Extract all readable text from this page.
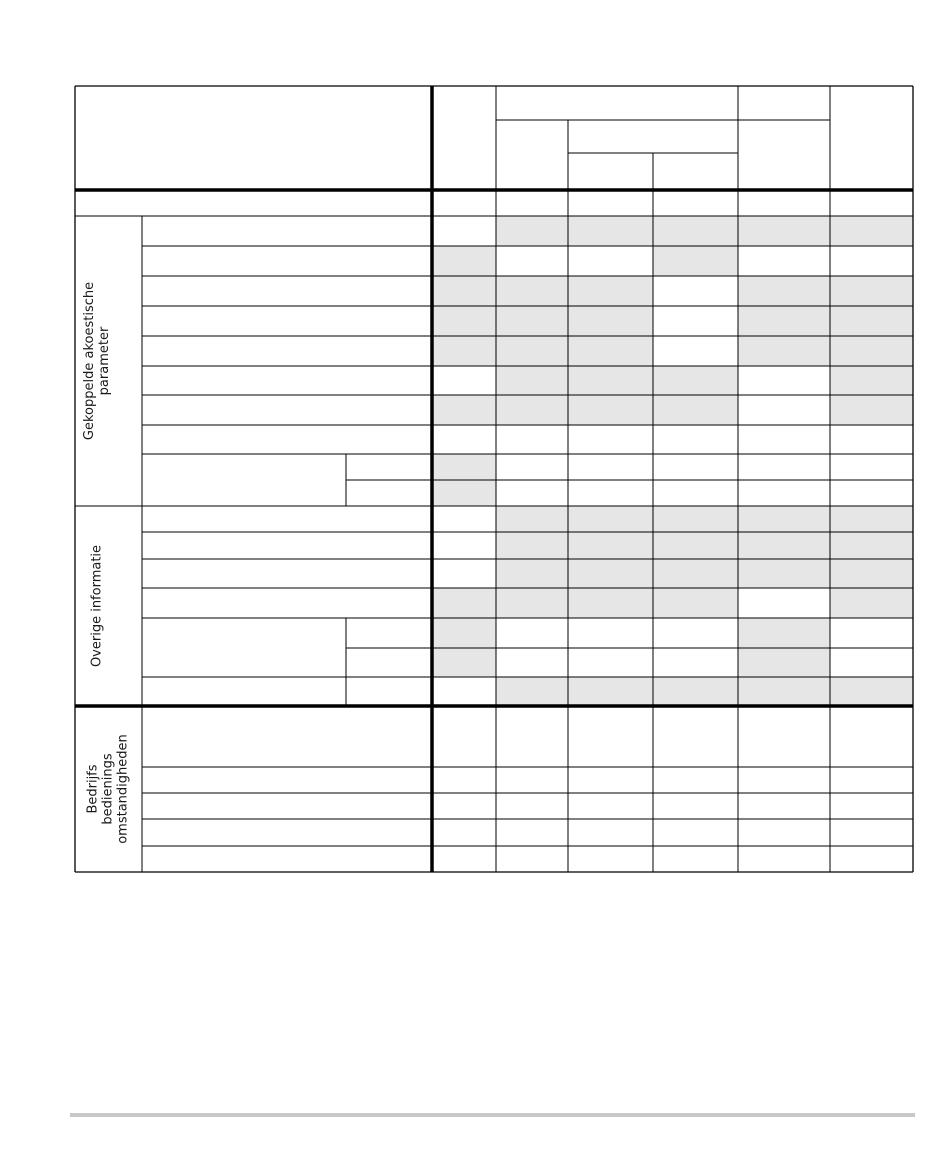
Gekoppelde akoestische parameter
Overige informatie
Bedrijfs bedienings omstandigheden
